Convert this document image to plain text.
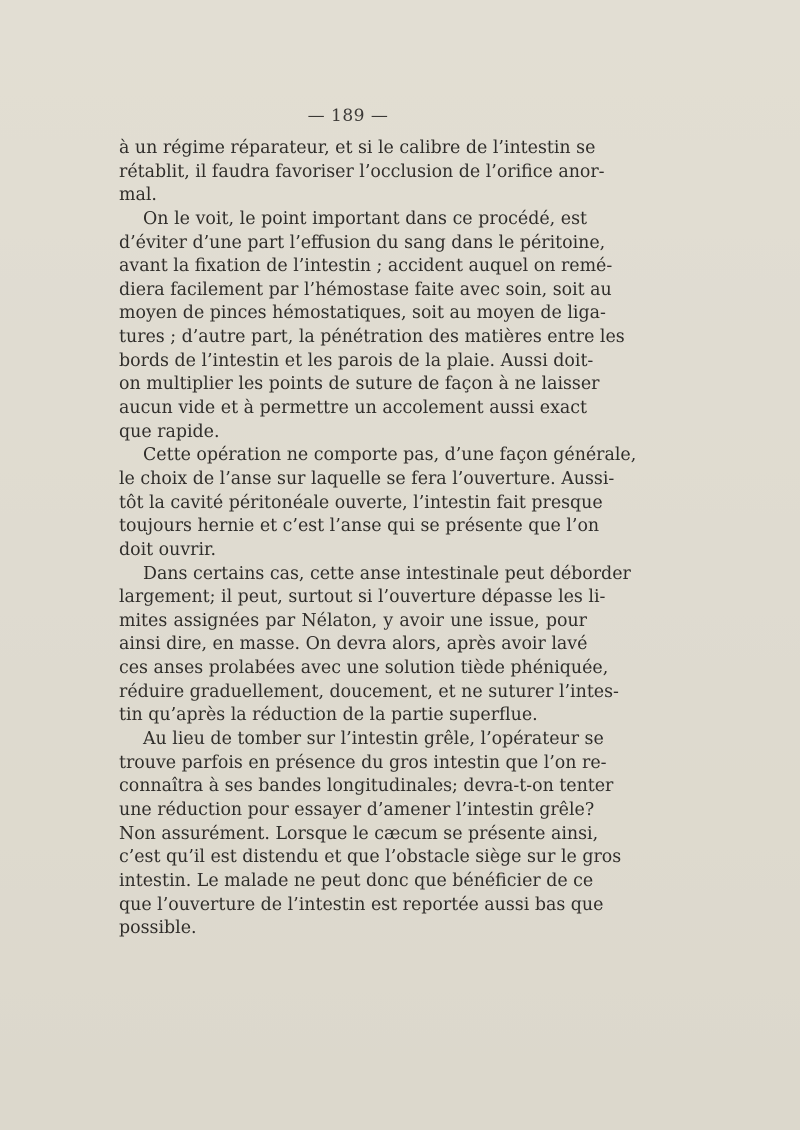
— 189 —
à un régime réparateur, et si le calibre de l’intestin se
rétablit, il faudra favoriser l’occlusion de l’orifice anor-
mal.
On le voit, le point important dans ce procédé, est
d’éviter d’une part l’effusion du sang dans le péritoine,
avant la fixation de l’intestin ; accident auquel on remé-
diera facilement par l’hémostase faite avec soin, soit au
moyen de pinces hémostatiques, soit au moyen de liga-
tures ; d’autre part, la pénétration des matières entre les
bords de l’intestin et les parois de la plaie. Aussi doit-
on multiplier les points de suture de façon à ne laisser
aucun vide et à permettre un accolement aussi exact
que rapide.
Cette opération ne comporte pas, d’une façon générale,
le choix de l’anse sur laquelle se fera l’ouverture. Aussi-
tôt la cavité péritonéale ouverte, l’intestin fait presque
toujours hernie et c’est l’anse qui se présente que l’on
doit ouvrir.
Dans certains cas, cette anse intestinale peut déborder
largement; il peut, surtout si l’ouverture dépasse les li-
mites assignées par Nélaton, y avoir une issue, pour
ainsi dire, en masse. On devra alors, après avoir lavé
ces anses prolabées avec une solution tiède phéniquée,
réduire graduellement, doucement, et ne suturer l’intes-
tin qu’après la réduction de la partie superflue.
Au lieu de tomber sur l’intestin grêle, l’opérateur se
trouve parfois en présence du gros intestin que l’on re-
connaîtra à ses bandes longitudinales; devra-t-on tenter
une réduction pour essayer d’amener l’intestin grêle?
Non assurément. Lorsque le cæcum se présente ainsi,
c’est qu’il est distendu et que l’obstacle siège sur le gros
intestin. Le malade ne peut donc que bénéficier de ce
que l’ouverture de l’intestin est reportée aussi bas que
possible.
